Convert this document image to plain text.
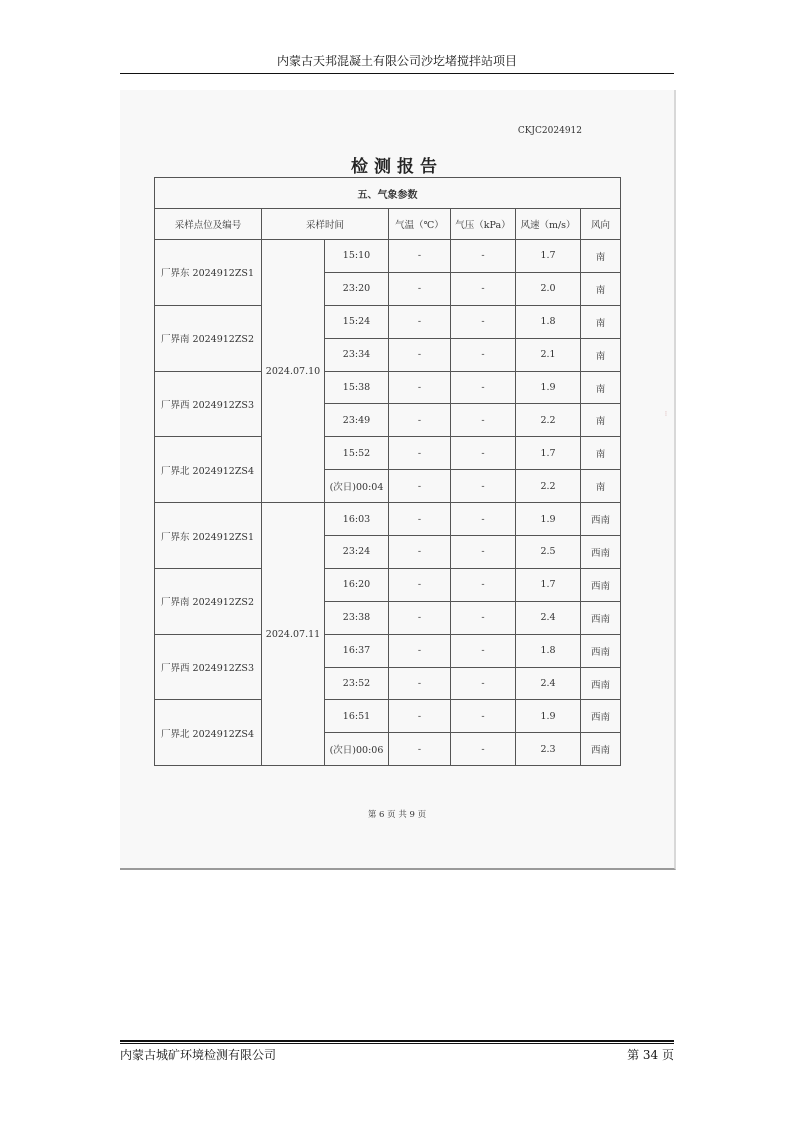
内蒙古天邦混凝土有限公司沙圪堵搅拌站项目
CKJC2024912
检测报告
五、气象参数						
采样点位及编号	采样时间		气温（℃）	气压（kPa）	风速（m/s）	风向
厂界东 2024912ZS1	2024.07.10	15:10	-	-	1.7	南
		23:20	-	-	2.0	南
厂界南 2024912ZS2		15:24	-	-	1.8	南
		23:34	-	-	2.1	南
厂界西 2024912ZS3		15:38	-	-	1.9	南
		23:49	-	-	2.2	南
厂界北 2024912ZS4		15:52	-	-	1.7	南
		(次日)00:04	-	-	2.2	南
厂界东 2024912ZS1	2024.07.11	16:03	-	-	1.9	西南
		23:24	-	-	2.5	西南
厂界南 2024912ZS2		16:20	-	-	1.7	西南
		23:38	-	-	2.4	西南
厂界西 2024912ZS3		16:37	-	-	1.8	西南
		23:52	-	-	2.4	西南
厂界北 2024912ZS4		16:51	-	-	1.9	西南
		(次日)00:06	-	-	2.3	西南
⁞
第 6 页 共 9 页
内蒙古城矿环境检测有限公司	第 34 页
